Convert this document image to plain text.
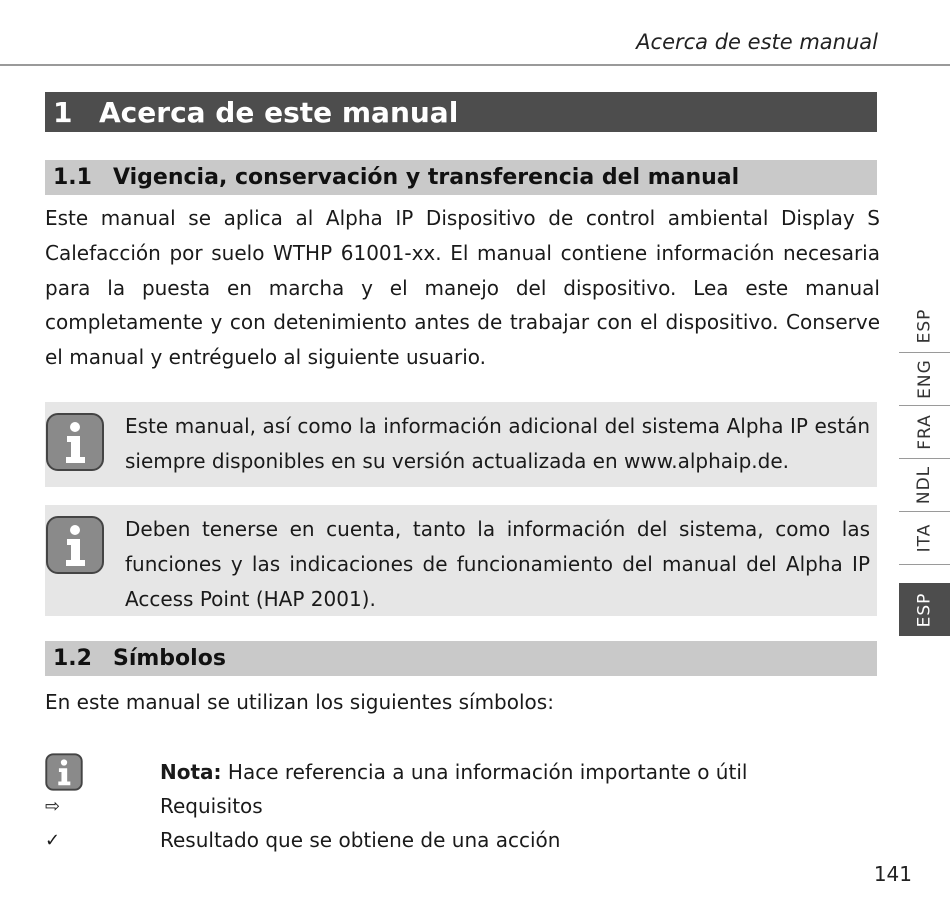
Acerca de este manual
1 Acerca de este manual
1.1 Vigencia, conservación y transferencia del manual

Este manual se aplica al Alpha IP Dispositivo de control ambiental Display S Calefacción por suelo WTHP 61001-xx. El manual contiene información necesaria para la puesta en marcha y el manejo del dispositivo. Lea este manual completamente y con detenimiento antes de trabajar con el dispositivo. Conserve el manual y entréguelo al siguiente usuario.

Este manual, así como la información adicional del sistema Alpha IP están siempre disponibles en su versión actualizada en www.alphaip.de.

Deben tenerse en cuenta, tanto la información del sistema, como las funciones y las indicaciones de funcionamiento del manual del Alpha IP Access Point (HAP 2001).

1.2 Símbolos

En este manual se utilizan los siguientes símbolos:

Nota: Hace referencia a una información importante o útil
⇨	Requisitos
✓	Resultado que se obtiene de una acción
ESP
ENG
FRA
NDL
ITA
ESP
141
